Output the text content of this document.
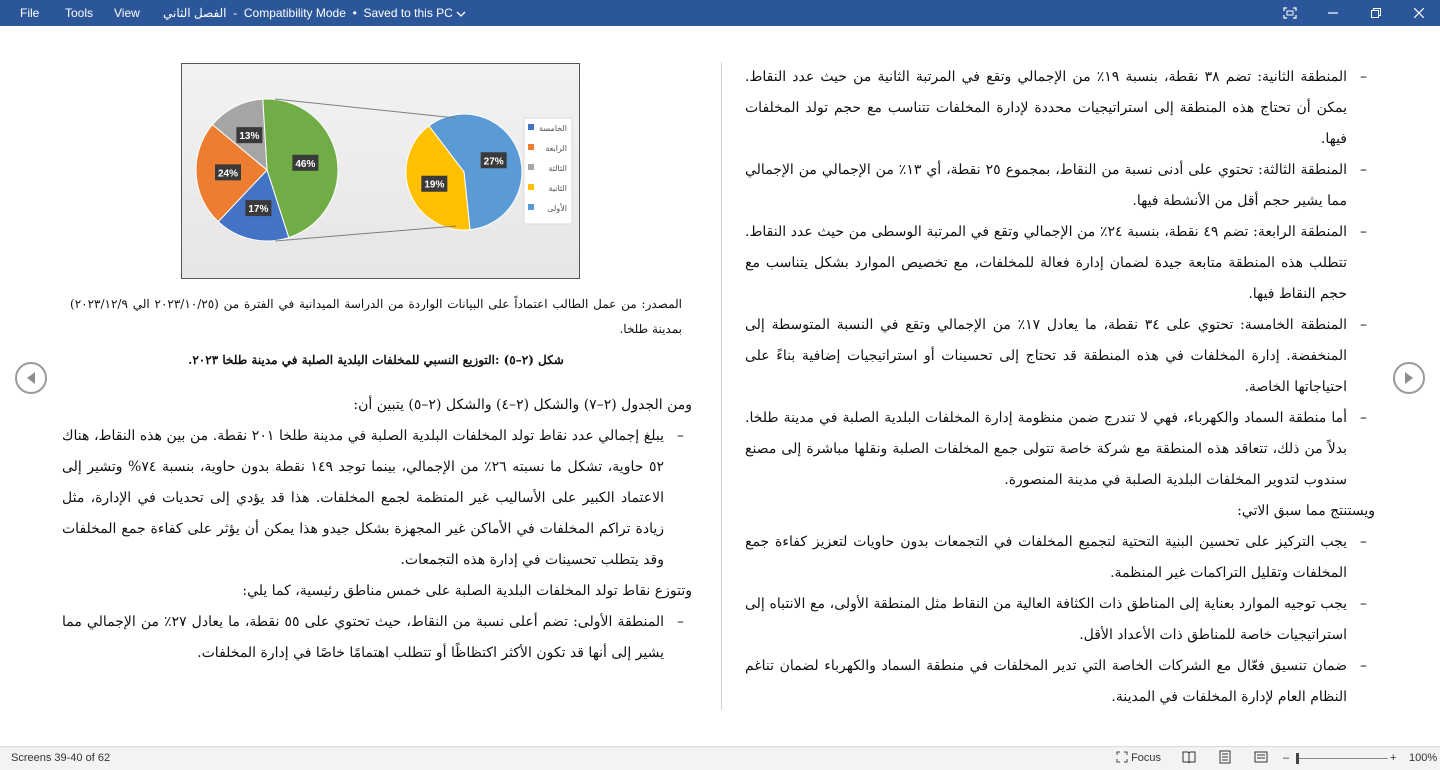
File Tools View الفصل الثاني  -  Compatibility Mode  •  Saved to this PC
–
المنطقة الثانية: تضم ٣٨ نقطة، بنسبة ١٩٪ من الإجمالي وتقع في المرتبة الثانية من حيث عدد النقاط. يمكن أن تحتاج هذه المنطقة إلى استراتيجيات محددة لإدارة المخلفات تتناسب مع حجم تولد المخلفات فيها.
–
المنطقة الثالثة: تحتوي على أدنى نسبة من النقاط، بمجموع ٢٥ نقطة، أي ١٣٪ من الإجمالي من الإجمالي مما يشير حجم أقل من الأنشطة فيها.
–
المنطقة الرابعة: تضم ٤٩ نقطة، بنسبة ٢٤٪ من الإجمالي وتقع في المرتبة الوسطى من حيث عدد النقاط. تتطلب هذه المنطقة متابعة جيدة لضمان إدارة فعالة للمخلفات، مع تخصيص الموارد بشكل يتناسب مع حجم النقاط فيها.
–
المنطقة الخامسة: تحتوي على ٣٤ نقطة، ما يعادل ١٧٪ من الإجمالي وتقع في النسبة المتوسطة إلى المنخفضة. إدارة المخلفات في هذه المنطقة قد تحتاج إلى تحسينات أو استراتيجيات إضافية بناءً على احتياجاتها الخاصة.
–
أما منطقة السماد والكهرباء، فهي لا تندرج ضمن منظومة إدارة المخلفات البلدية الصلبة في مدينة طلخا. بدلاً من ذلك، تتعاقد هذه المنطقة مع شركة خاصة تتولى جمع المخلفات الصلبة ونقلها مباشرة إلى مصنع سندوب لتدوير المخلفات البلدية الصلبة في مدينة المنصورة.
ويستنتج مما سبق الاتي:
–
يجب التركيز على تحسين البنية التحتية لتجميع المخلفات في التجمعات بدون حاويات لتعزيز كفاءة جمع المخلفات وتقليل التراكمات غير المنظمة.
–
يجب توجيه الموارد بعناية إلى المناطق ذات الكثافة العالية من النقاط مثل المنطقة الأولى، مع الانتباه إلى استراتيجيات خاصة للمناطق ذات الأعداد الأقل.
–
ضمان تنسيق فعّال مع الشركات الخاصة التي تدير المخلفات في منطقة السماد والكهرباء لضمان تناغم النظام العام لإدارة المخلفات في المدينة.
46%
17%
24%
13%
27%
19%
الخامسة
الرابعة
الثالثة
الثانية
الأولى
المصدر: من عمل الطالب اعتماداً على البيانات الواردة من الدراسة الميدانية في الفترة من (٢٠٢٣/١٠/٢٥ الي ٢٠٢٣/١٢/٩) بمدينة طلخا.
شكل (٢–٥) :التوزيع النسبي للمخلفات البلدية الصلبة في مدينة طلخا ٢٠٢٣.
ومن الجدول (٢–٧) والشكل (٢–٤) والشكل (٢–٥) يتبين أن:
–
يبلغ إجمالي عدد نقاط تولد المخلفات البلدية الصلبة في مدينة طلخا ٢٠١ نقطة. من بين هذه النقاط، هناك ٥٢ حاوية، تشكل ما نسبته ٢٦٪ من الإجمالي، بينما توجد ١٤٩ نقطة بدون حاوية، بنسبة ٧٤% وتشير إلى الاعتماد الكبير على الأساليب غير المنظمة لجمع المخلفات. هذا قد يؤدي إلى تحديات في الإدارة، مثل زيادة تراكم المخلفات في الأماكن غير المجهزة بشكل جيدو هذا يمكن أن يؤثر على كفاءة جمع المخلفات وقد يتطلب تحسينات في إدارة هذه التجمعات.
وتتوزع نقاط تولد المخلفات البلدية الصلبة على خمس مناطق رئيسية، كما يلي:
–
المنطقة الأولى: تضم أعلى نسبة من النقاط، حيث تحتوي على ٥٥ نقطة، ما يعادل ٢٧٪ من الإجمالي مما يشير إلى أنها قد تكون الأكثر اكتظاظًا أو تتطلب اهتمامًا خاصًا في إدارة المخلفات.
Screens 39-40 of 62	Focus	–	+ 100%
